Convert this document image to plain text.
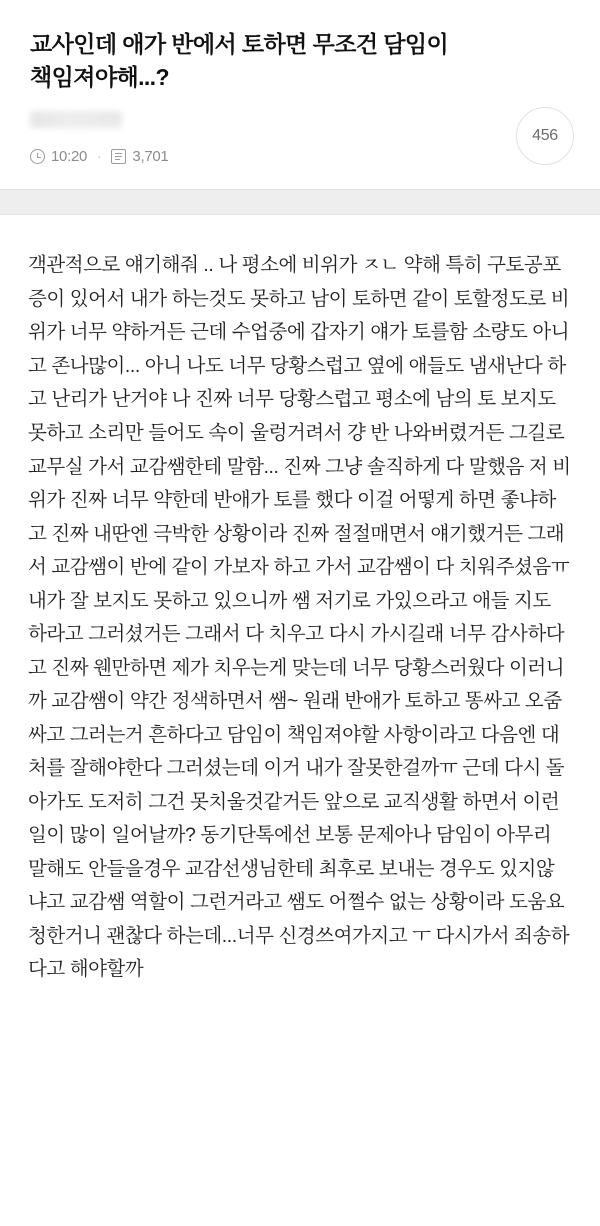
교사인데 애가 반에서 토하면 무조건 담임이 책임져야해...?
10:20 · 3,701
456

객관적으로 얘기해줘 .. 나 평소에 비위가 ㅈㄴ 약해 특히 구토공포증이 있어서 내가 하는것도 못하고 남이 토하면 같이 토할정도로 비위가 너무 약하거든 근데 수업중에 갑자기 얘가 토를함 소량도 아니고 존나많이... 아니 나도 너무 당황스럽고 옆에 애들도 냄새난다 하고 난리가 난거야 나 진짜 너무 당황스럽고 평소에 남의 토 보지도못하고 소리만 들어도 속이 울렁거려서 걍 반 나와버렸거든 그길로 교무실 가서 교감쌤한테 말함... 진짜 그냥 솔직하게 다 말했음 저 비위가 진짜 너무 약한데 반애가 토를 했다 이걸 어떻게 하면 좋냐하고 진짜 내딴엔 극박한 상황이라 진짜 절절매면서 얘기했거든 그래서 교감쌤이 반에 같이 가보자 하고 가서 교감쌤이 다 치워주셨음ㅠ 내가 잘 보지도 못하고 있으니까 쌤 저기로 가있으라고 애들 지도 하라고 그러셨거든 그래서 다 치우고 다시 가시길래 너무 감사하다고 진짜 웬만하면 제가 치우는게 맞는데 너무 당황스러웠다 이러니까 교감쌤이 약간 정색하면서 쌤~ 원래 반애가 토하고 똥싸고 오줌싸고 그러는거 흔하다고 담임이 책임져야할 사항이라고 다음엔 대처를 잘해야한다 그러셨는데 이거 내가 잘못한걸까ㅠ 근데 다시 돌아가도 도저히 그건 못치울것같거든 앞으로 교직생활 하면서 이런일이 많이 일어날까? 동기단톡에선 보통 문제아나 담임이 아무리 말해도 안들을경우 교감선생님한테 최후로 보내는 경우도 있지않냐고 교감쌤 역할이 그런거라고 쌤도 어쩔수 없는 상황이라 도움요청한거니 괜찮다 하는데...너무 신경쓰여가지고 ㅜ 다시가서 죄송하다고 해야할까
